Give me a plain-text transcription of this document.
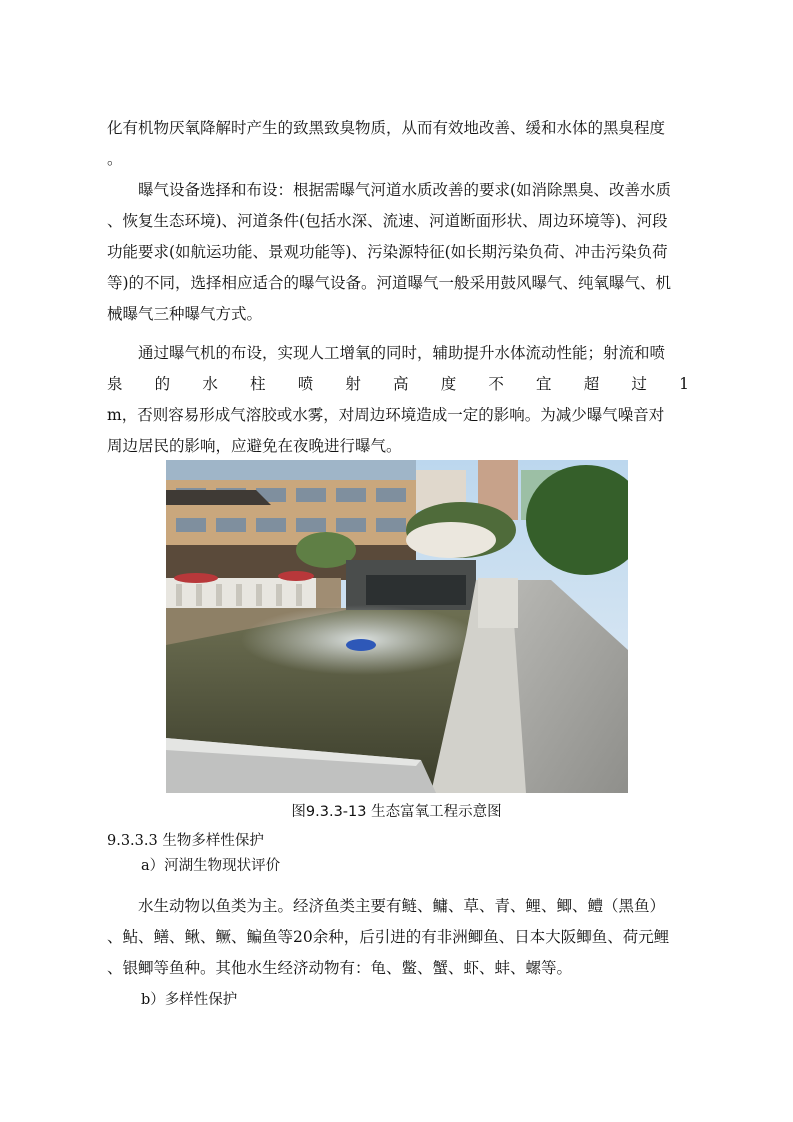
化有机物厌氧降解时产生的致黑致臭物质，从而有效地改善、缓和水体的黑臭程度
。
曝气设备选择和布设：根据需曝气河道水质改善的要求(如消除黑臭、改善水质
、恢复生态环境)、河道条件(包括水深、流速、河道断面形状、周边环境等)、河段
功能要求(如航运功能、景观功能等)、污染源特征(如长期污染负荷、冲击污染负荷
等)的不同，选择相应适合的曝气设备。河道曝气一般采用鼓风曝气、纯氧曝气、机
械曝气三种曝气方式。
通过曝气机的布设，实现人工增氧的同时，辅助提升水体流动性能；射流和喷
泉 的 水 柱 喷 射 高 度 不 宜 超 过 1
m，否则容易形成气溶胶或水雾，对周边环境造成一定的影响。为减少曝气噪音对
周边居民的影响，应避免在夜晚进行曝气。
图9.3.3-13 生态富氧工程示意图
9.3.3.3 生物多样性保护
a）河湖生物现状评价
水生动物以鱼类为主。经济鱼类主要有鲢、鳙、草、青、鲤、鲫、鳢（黑鱼）
、鲇、鳝、鳅、鳜、鳊鱼等20余种，后引进的有非洲鲫鱼、日本大阪鲫鱼、荷元鲤
、银鲫等鱼种。其他水生经济动物有：龟、鳖、蟹、虾、蚌、螺等。
b）多样性保护
